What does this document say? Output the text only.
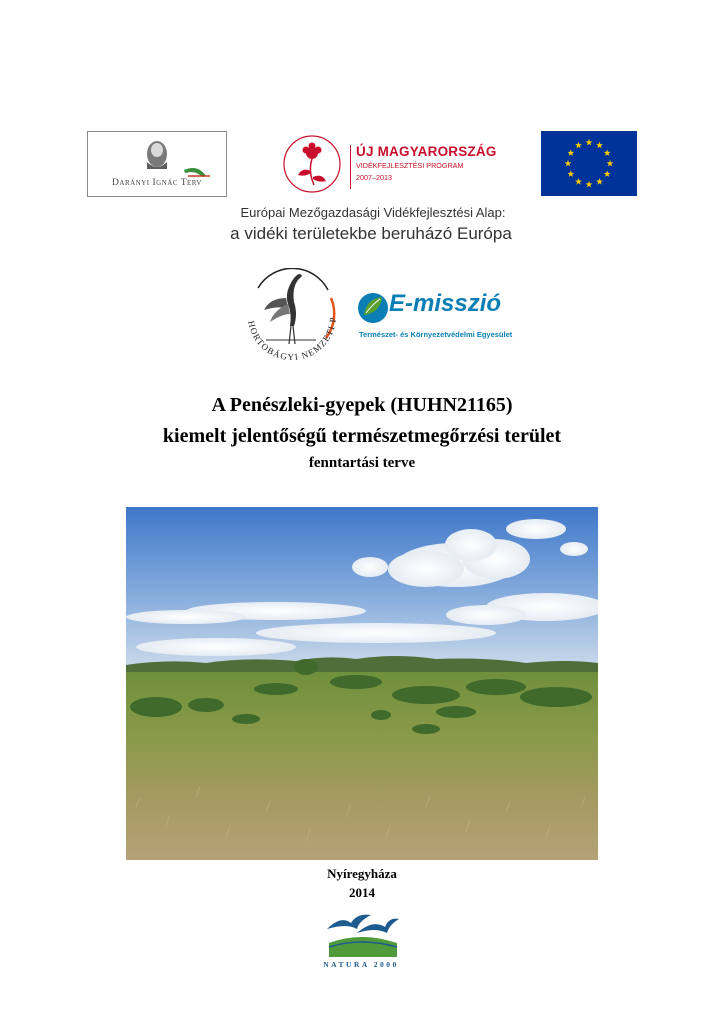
Darányi Ignác Terv
ÚJ MAGYARORSZÁG
VIDÉKFEJLESZTÉSI PROGRAM
2007–2013
Európai Mezőgazdasági Vidékfejlesztési Alap:
a vidéki területekbe beruházó Európa
HORTOBÁGYI NEMZETI P
E-misszió
Természet- és Környezetvédelmi Egyesület
A Penészleki-gyepek (HUHN21165)
kiemelt jelentőségű természetmegőrzési terület
fenntartási terve
Nyíregyháza
2014
NATURA 2000
